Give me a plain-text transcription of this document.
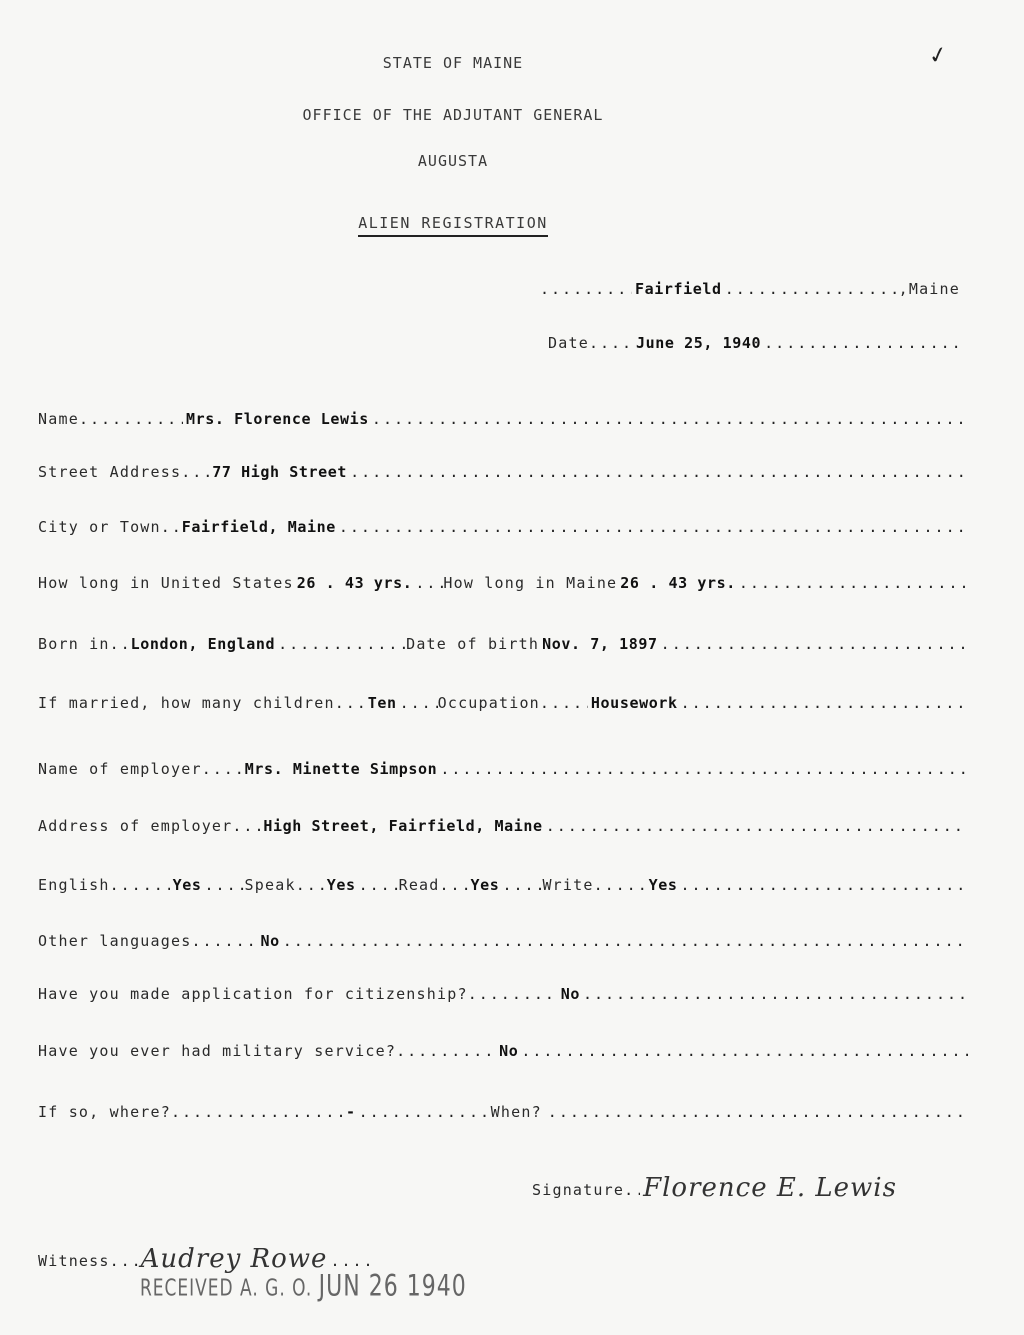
STATE OF MAINE
OFFICE OF THE ADJUTANT GENERAL
AUGUSTA
ALIEN REGISTRATION
✓
.....
Fairfield .....	,Maine
Date .....	June 25, 1940
.....
Name .....	Mrs. Florence Lewis
.....
Street Address ..... 77 High Street
.....
City or Town ..... Fairfield, Maine
.....
How long in United States 26 . 43 yrs. ..... How long in Maine 26 . 43 yrs.
.....
Born in ..... London, England .....	Date of birth Nov. 7, 1897
.....
If married, how many children ..... Ten .....	Occupation .....	Housework
.....
Name of employer .....	Mrs. Minette Simpson
.....
Address of employer ..... High Street, Fairfield, Maine
.....
English .....	Yes .....	Speak ..... Yes .....	Read ..... Yes .....	Write .....	Yes
.....
Other languages .....	No
.....
Have you made application for citizenship? .....	No
.....
Have you ever had military service? .....	No
.....
If so, where? .....	- .....	When?
.....
Signature ..... Florence E. Lewis
Witness ..... Audrey Rowe
.....
RECEIVED A. G. O. JUN 26 1940
